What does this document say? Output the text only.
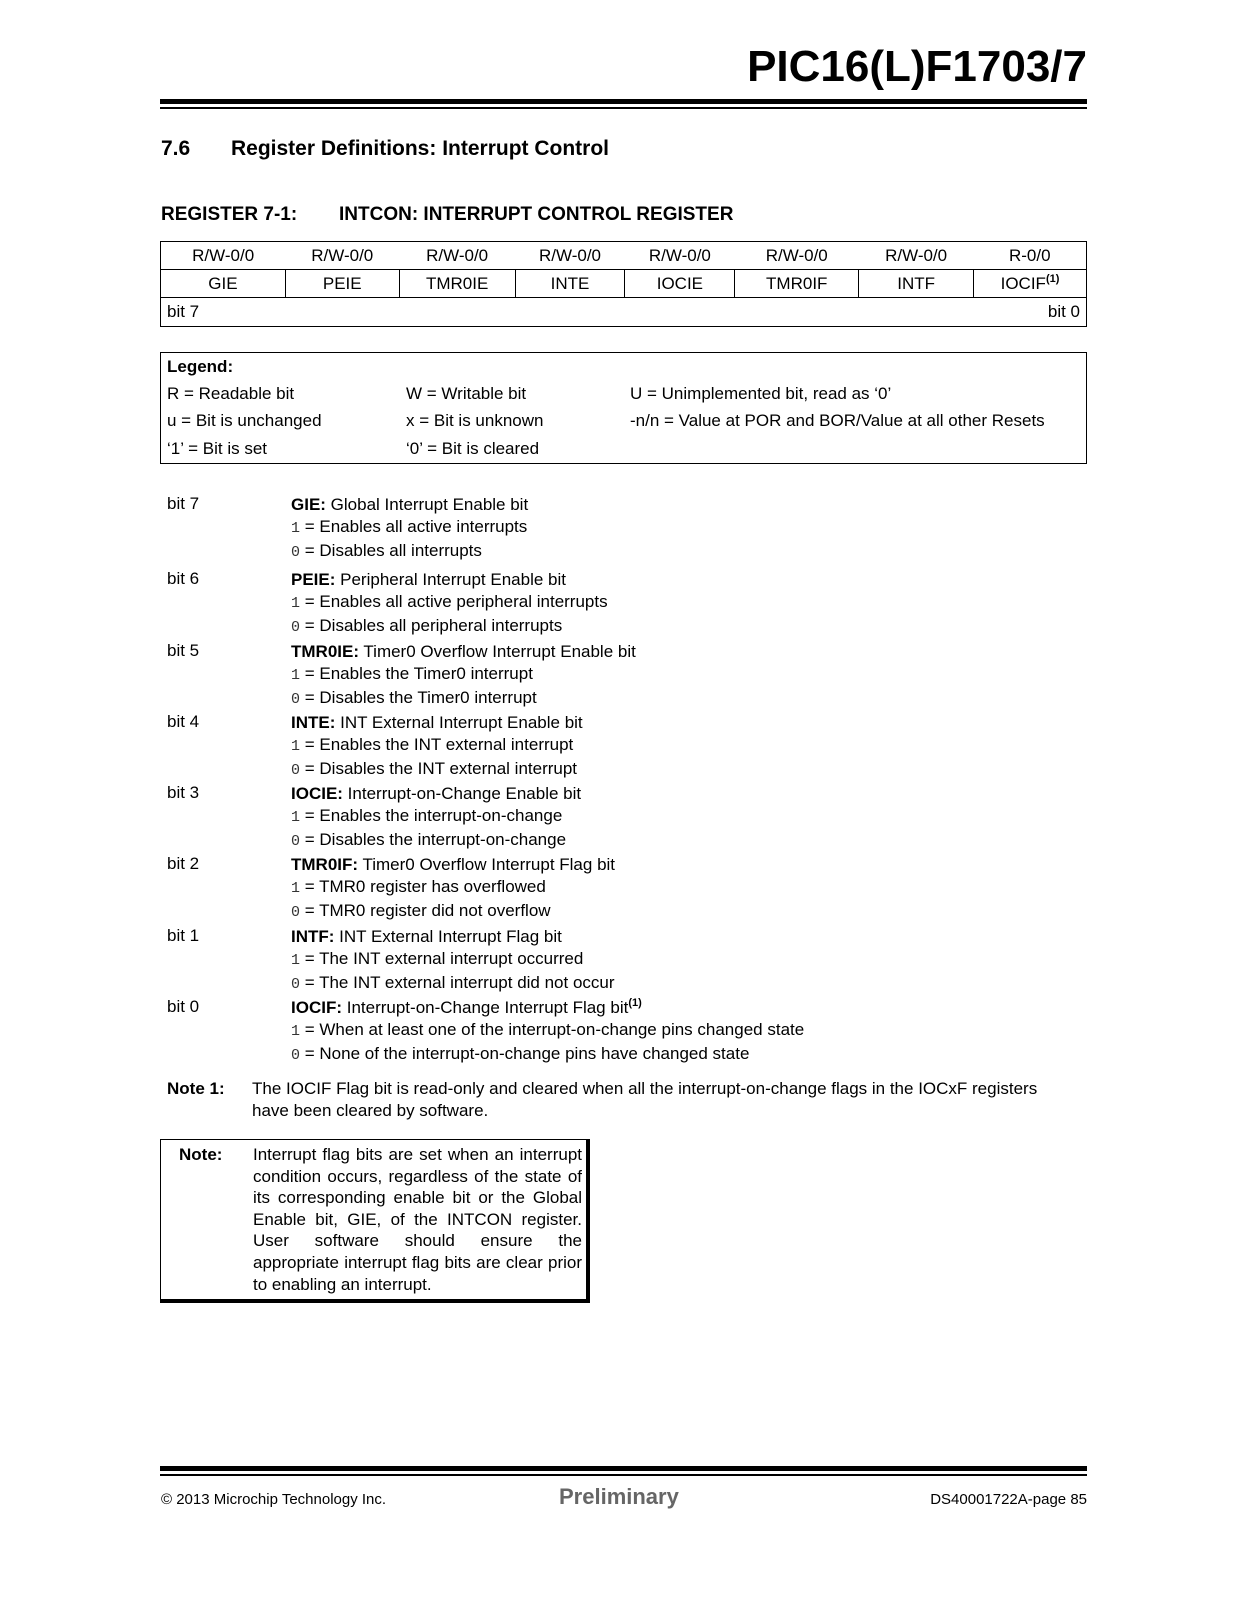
PIC16(L)F1703/7
7.6 Register Definitions: Interrupt Control
REGISTER 7-1: INTCON: INTERRUPT CONTROL REGISTER
R/W-0/0	R/W-0/0	R/W-0/0	R/W-0/0	R/W-0/0	R/W-0/0	R/W-0/0	R-0/0
GIE	PEIE	TMR0IE	INTE	IOCIE	TMR0IF	INTF	IOCIF$^{(1)}$

bit 7 bit 0							
Legend:
R = Readable bit	W = Writable bit	U = Unimplemented bit, read as ‘0’
u = Bit is unchanged	x = Bit is unknown	-n/n = Value at POR and BOR/Value at all other Resets
‘1’ = Bit is set	‘0’ = Bit is cleared
bit 7	GIE: Global Interrupt Enable bit
1 = Enables all active interrupts
0 = Disables all interrupts
bit 6	PEIE: Peripheral Interrupt Enable bit
1 = Enables all active peripheral interrupts
0 = Disables all peripheral interrupts
bit 5	TMR0IE: Timer0 Overflow Interrupt Enable bit
1 = Enables the Timer0 interrupt
0 = Disables the Timer0 interrupt
bit 4	INTE: INT External Interrupt Enable bit
1 = Enables the INT external interrupt
0 = Disables the INT external interrupt
bit 3	IOCIE: Interrupt-on-Change Enable bit
1 = Enables the interrupt-on-change
0 = Disables the interrupt-on-change
bit 2	TMR0IF: Timer0 Overflow Interrupt Flag bit
1 = TMR0 register has overflowed
0 = TMR0 register did not overflow
bit 1	INTF: INT External Interrupt Flag bit
1 = The INT external interrupt occurred
0 = The INT external interrupt did not occur
bit 0	IOCIF: Interrupt-on-Change Interrupt Flag bit$^{(1)}$
1 = When at least one of the interrupt-on-change pins changed state
0 = None of the interrupt-on-change pins have changed state
Note 1: The IOCIF Flag bit is read-only and cleared when all the interrupt-on-change flags in the IOCxF registers have been cleared by software.
Note: Interrupt flag bits are set when an interrupt condition occurs, regardless of the state of its corresponding enable bit or the Global Enable bit, GIE, of the INTCON register. User software should ensure the appropriate interrupt flag bits are clear prior to enabling an interrupt.
© 2013 Microchip Technology Inc.	Preliminary	DS40001722A-page 85
